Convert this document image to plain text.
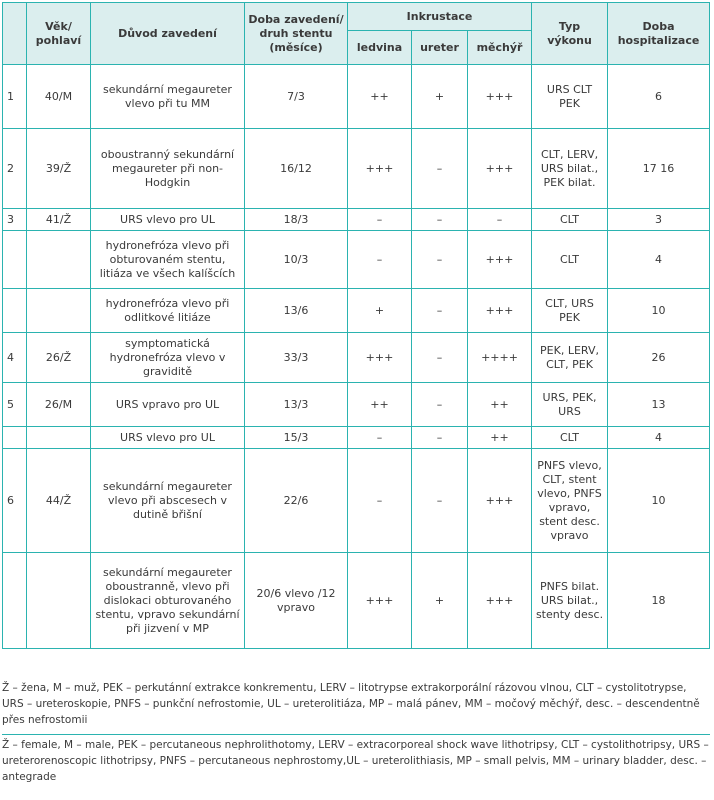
	Věk/ pohlaví	Důvod zavedení	Doba zavedení/ druh stentu (měsíce)	Inkrustace			Typ výkonu	Doba hospitalizace
				ledvina	ureter	měchýř		
1	40/M	sekundární megaureter vlevo při tu MM	7/3	++	+	+++	URS CLT PEK	6
2	39/Ž	oboustranný sekundární megaureter při non-Hodgkin	16/12	+++	–	+++	CLT, LERV, URS bilat., PEK bilat.	17 16
3	41/Ž	URS vlevo pro UL	18/3	–	–	–	CLT	3
		hydronefróza vlevo při obturovaném stentu, litiáza ve všech kalíšcích	10/3	–	–	+++	CLT	4
		hydronefróza vlevo při odlitkové litiáze	13/6	+	–	+++	CLT, URS PEK	10
4	26/Ž	symptomatická hydronefróza vlevo v graviditě	33/3	+++	–	++++	PEK, LERV, CLT, PEK	26
5	26/M	URS vpravo pro UL	13/3	++	–	++	URS, PEK, URS	13
		URS vlevo pro UL	15/3	–	–	++	CLT	4
6	44/Ž	sekundární megaureter vlevo při abscesech v dutině břišní	22/6	–	–	+++	PNFS vlevo, CLT, stent vlevo, PNFS vpravo, stent desc. vpravo	10
		sekundární megaureter oboustranně, vlevo při dislokaci obturovaného stentu, vpravo sekundární při jizvení v MP	20/6 vlevo /12 vpravo	+++	+	+++	PNFS bilat. URS bilat., stenty desc.	18

Ž – žena, M – muž, PEK – perkutánní extrakce konkrementu, LERV – litotrypse extrakorporální rázovou vlnou, CLT – cystolitotrypse, URS – ureteroskopie, PNFS – punkční nefrostomie, UL – ureterolitiáza, MP – malá pánev, MM – močový měchýř, desc. – descendentně přes nefrostomii

Ž – female, M – male, PEK – percutaneous nephrolithotomy, LERV – extracorporeal shock wave lithotripsy, CLT – cystolithotripsy, URS – ureterorenoscopic lithotripsy, PNFS – percutaneous nephrostomy,UL – ureterolithiasis, MP – small pelvis, MM – urinary bladder, desc. – antegrade
